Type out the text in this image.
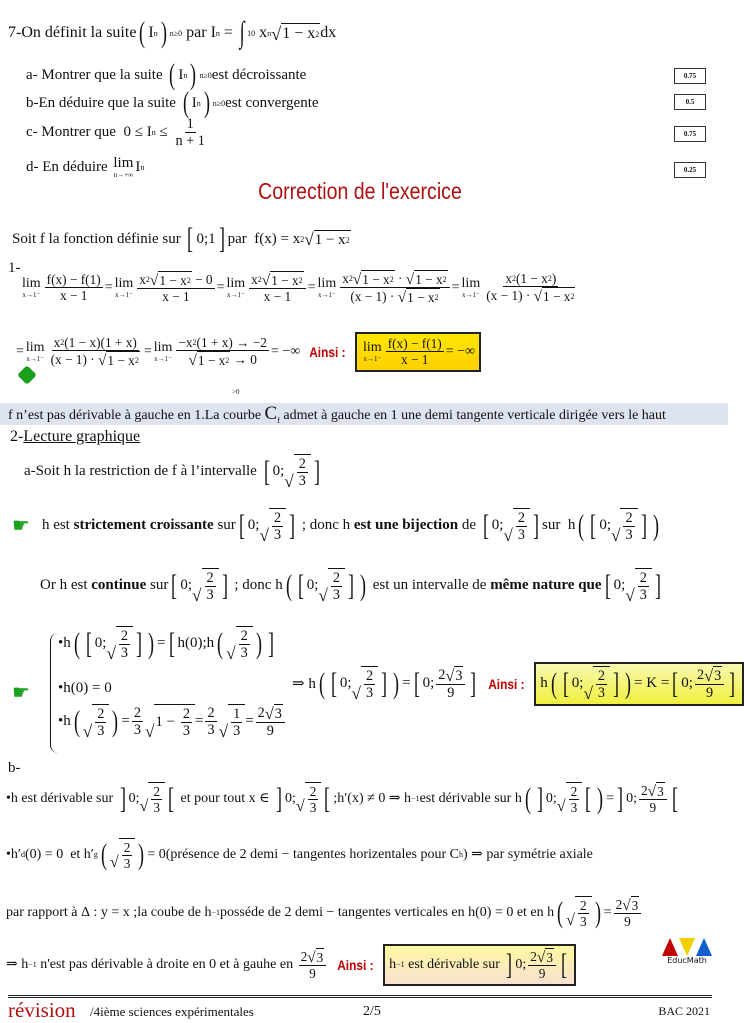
7-On définit la suite ( I n ) n≥0 par I n = ∫ 1 0 x n √ 1 − x 2 dx
a- Montrer que la suite ( I n ) n≥0 est décroissante	0.75
b-En déduire que la suite ( I n ) n≥0 est convergente	0.5
c- Montrer que  0 ≤ I $n \le \frac{1}{n + 1}$	0.75
d- En déduire lim
n→+∞ I n	0.25
Correction de l'exercice
Soit f la fonction définie sur [ 0;1 ] par  f(x) = x 2 √ 1 − x 2
1-
lim
$x\to 1^- \frac{f(x) - f(1)}{x - 1} = \lim$
$x\to 1^- \frac{x 2 √ 1 - x 2 - 0}{x - 1} = \lim$
$x\to 1^- \frac{x 2 √ 1 - x 2}{x - 1} = \lim$
$x\to 1^- \frac{x 2 √ 1 - x 2 \cdot √ 1 - x 2}{(x - 1) \cdot √ 1 - x 2} = \lim$
$x\to 1^- \frac{x 2 (1 - x 2 )}{(x - 1) \cdot √ 1 - x 2}$
= lim
$x\to 1^- \frac{x 2 (1 - x)(1 + x)}{(x - 1) \cdot √ 1 - x 2} = \lim$
$x\to 1^- \frac{-x 2 (1 + x) \to -2}{√ 1 - x 2 \to 0}$ = −∞ Ainsi : lim
$x\to 1^- \frac{f(x) - f(1)}{x - 1}$ = −∞
>0
f n’est pas dérivable à gauche en 1.La courbe $C_f$ admet à gauche en 1 une demi tangente verticale dirigée vers le haut
2- Lecture graphique
a-Soit h la restriction de f à l’intervalle [ 0;
√ $\frac{2}{3}$ ]
☛ h est strictement croissante sur [ 0;
√ $\frac{2}{3}$ ] ; donc h est une bijection de [ 0;
√ $\frac{2}{3}$ ] sur  h ( [ 0;
√ $\frac{2}{3}$ ] )
Or h est continue sur [ 0;
√ $\frac{2}{3}$ ] ; donc h ( [ 0;
√ $\frac{2}{3}$ ] ) est un intervalle de même nature que [ 0;
√ $\frac{2}{3}$ ]
☛
•h ( [ 0;
√ $\frac{2}{3}$ ] ) = [ h(0);h ( √ $\frac{2}{3}$ ) ]
•h(0) = 0
•h ( √ $\frac{2}{3}$ ) = $\frac{2}{3}$ √ $1 - \frac{2}{3} = \frac{2}{3}$ √ $\frac{1}{3} = \frac{2 √ 3}{9}$
⇒ h ( [ 0;
√ $\frac{2}{3}$ ] ) = [ 0; $\frac{2 √ 3}{9}$ ] Ainsi : h ( [ 0;
√ $\frac{2}{3}$ ] ) = K = [ 0; $\frac{2 √ 3}{9}$ ]
b-
•h est dérivable sur ] 0;
√ $\frac{2}{3}$ [ et pour tout x ∈ ] 0;
√ $\frac{2}{3}$ [ ;h′(x) ≠ 0 ⇒ h −1 est dérivable sur h ( ] 0;
√ $\frac{2}{3}$ [ ) = ] 0; $\frac{2 √ 3}{9}$ [
•h′ d (0) = 0  et h′ g ( √ $\frac{2}{3}$ ) = 0(présence de 2 demi − tangentes horizentales pour C h ) ⇒ par symétrie axiale
par rapport à Δ : y = x ;la coube de h −1 posséde de 2 demi − tangentes verticales en h(0) = 0 et en h ( √ $\frac{2}{3}$ ) = $\frac{2 √ 3}{9}$
⇒ h −1 n'est pas dérivable à droite en 0 et à gauhe en $\frac{2 √ 3}{9}$ Ainsi : h −1 est dérivable sur ] 0; $\frac{2 √ 3}{9}$ [	EducMath
révision /4ième sciences expérimentales	2/5	BAC 2021
